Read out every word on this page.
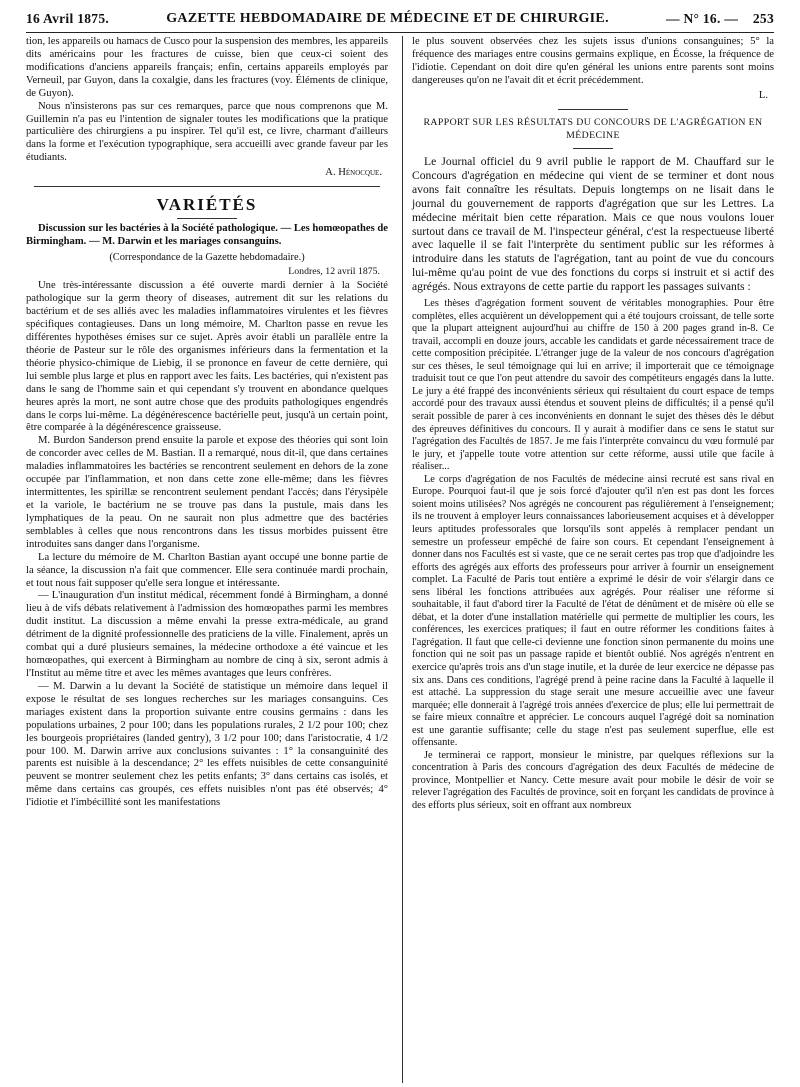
16 Avril 1875.	GAZETTE HEBDOMADAIRE DE MÉDECINE ET DE CHIRURGIE.	— N° 16. — 253

tion, les appareils ou hamacs de Cusco pour la suspension des membres, les appareils dits américains pour les fractures de cuisse, bien que ceux-ci soient des modifications d'anciens appareils français; enfin, certains appareils employés par Verneuil, par Guyon, dans la coxalgie, dans les fractures (voy. Éléments de clinique, de Guyon).

Nous n'insisterons pas sur ces remarques, parce que nous comprenons que M. Guillemin n'a pas eu l'intention de signaler toutes les modifications que la pratique particulière des chirurgiens a pu inspirer. Tel qu'il est, ce livre, charmant d'ailleurs dans la forme et l'exécution typographique, sera accueilli avec grande faveur par les étudiants.

A. Hénocque.
VARIÉTÉS

Discussion sur les bactéries à la Société pathologique. — Les homœopathes de Birmingham. — M. Darwin et les mariages consanguins.

(Correspondance de la Gazette hebdomadaire.)
Londres, 12 avril 1875.

Une très-intéressante discussion a été ouverte mardi dernier à la Société pathologique sur la germ theory of diseases, autrement dit sur les relations du bactérium et de ses alliés avec les maladies inflammatoires virulentes et les fièvres spécifiques contagieuses. Dans un long mémoire, M. Charlton passe en revue les différentes hypothèses émises sur ce sujet. Après avoir établi un parallèle entre la théorie de Pasteur sur le rôle des organismes inférieurs dans la fermentation et la théorie physico-chimique de Liebig, il se prononce en faveur de cette dernière, qui lui semble plus large et plus en rapport avec les faits. Les bactéries, qui n'existent pas dans le sang de l'homme sain et qui cependant s'y trouvent en abondance quelques heures après la mort, ne sont autre chose que des produits pathologiques engendrés dans le corps lui-même. La dégénérescence bactérielle peut, jusqu'à un certain point, être comparée à la dégénérescence graisseuse.

M. Burdon Sanderson prend ensuite la parole et expose des théories qui sont loin de concorder avec celles de M. Bastian. Il a remarqué, nous dit-il, que dans certaines maladies inflammatoires les bactéries se rencontrent seulement en dehors de la zone occupée par l'inflammation, et non dans cette zone elle-même; dans les fièvres intermittentes, les spirillæ se rencontrent seulement pendant l'accès; dans l'érysipèle et la variole, le bactérium ne se trouve pas dans la pustule, mais dans les lymphatiques de la peau. On ne saurait non plus admettre que des bactéries semblables à celles que nous rencontrons dans les tissus morbides puissent être introduites sans danger dans l'organisme.

La lecture du mémoire de M. Charlton Bastian ayant occupé une bonne partie de la séance, la discussion n'a fait que commencer. Elle sera continuée mardi prochain, et tout nous fait supposer qu'elle sera longue et intéressante.

— L'inauguration d'un institut médical, récemment fondé à Birmingham, a donné lieu à de vifs débats relativement à l'admission des homœopathes parmi les membres dudit institut. La discussion a même envahi la presse extra-médicale, au grand détriment de la dignité professionnelle des praticiens de la ville. Finalement, après un combat qui a duré plusieurs semaines, la médecine orthodoxe a été vaincue et les homœopathes, qui exercent à Birmingham au nombre de cinq à six, seront admis à l'Institut au même titre et avec les mêmes avantages que leurs confrères.

— M. Darwin a lu devant la Société de statistique un mémoire dans lequel il expose le résultat de ses longues recherches sur les mariages consanguins. Ces mariages existent dans la proportion suivante entre cousins germains : dans les populations urbaines, 2 pour 100; dans les populations rurales, 2 1/2 pour 100; chez les bourgeois propriétaires (landed gentry), 3 1/2 pour 100; dans l'aristocratie, 4 1/2 pour 100. M. Darwin arrive aux conclusions suivantes : 1° la consanguinité des parents est nuisible à la descendance; 2° les effets nuisibles de cette consanguinité peuvent se montrer seulement chez les petits enfants; 3° dans certains cas isolés, et même dans certains cas groupés, ces effets nuisibles n'ont pas été observés; 4° l'idiotie et l'imbécillité sont les manifestations

le plus souvent observées chez les sujets issus d'unions consanguines; 5° la fréquence des mariages entre cousins germains explique, en Écosse, la fréquence de l'idiotie. Cependant on doit dire qu'en général les unions entre parents sont moins dangereuses qu'on ne l'avait dit et écrit précédemment.

L.
RAPPORT SUR LES RÉSULTATS DU CONCOURS DE L'AGRÉGATION EN MÉDECINE

Le Journal officiel du 9 avril publie le rapport de M. Chauffard sur le Concours d'agrégation en médecine qui vient de se terminer et dont nous avons fait connaître les résultats. Depuis longtemps on ne lisait dans le journal du gouvernement de rapports d'agrégation que sur les Lettres. La médecine méritait bien cette réparation. Mais ce que nous voulons louer surtout dans ce travail de M. l'inspecteur général, c'est la respectueuse liberté avec laquelle il se fait l'interprète du sentiment public sur les réformes à introduire dans les statuts de l'agrégation, tant au point de vue du concours lui-même qu'au point de vue des fonctions du corps si instruit et si actif des agrégés. Nous extrayons de cette partie du rapport les passages suivants :

Les thèses d'agrégation forment souvent de véritables monographies. Pour être complètes, elles acquièrent un développement qui a été toujours croissant, de telle sorte que la plupart atteignent aujourd'hui au chiffre de 150 à 200 pages grand in-8. Ce travail, accompli en douze jours, accable les candidats et garde nécessairement trace de cette composition précipitée. L'étranger juge de la valeur de nos concours d'agrégation sur ces thèses, le seul témoignage qui lui en arrive; il importerait que ce témoignage traduisit tout ce que l'on peut attendre du savoir des compétiteurs engagés dans la lutte. Le jury a été frappé des inconvénients sérieux qui résultaient du court espace de temps accordé pour des travaux aussi étendus et souvent pleins de difficultés; il a pensé qu'il serait possible de parer à ces inconvénients en donnant le sujet des thèses dès le début des épreuves définitives du concours. Il y aurait à modifier dans ce sens le statut sur l'agrégation des Facultés de 1857. Je me fais l'interprète convaincu du vœu formulé par le jury, et j'appelle toute votre attention sur cette réforme, aussi utile que facile à réaliser...

Le corps d'agrégation de nos Facultés de médecine ainsi recruté est sans rival en Europe. Pourquoi faut-il que je sois forcé d'ajouter qu'il n'en est pas dont les forces soient moins utilisées? Nos agrégés ne concourent pas régulièrement à l'enseignement; ils ne trouvent à employer leurs connaissances laborieusement acquises et à développer leurs aptitudes professorales que lorsqu'ils sont appelés à remplacer pendant un semestre un professeur empêché de faire son cours. Et cependant l'enseignement à donner dans nos Facultés est si vaste, que ce ne serait certes pas trop que d'adjoindre les efforts des agrégés aux efforts des professeurs pour arriver à fournir un enseignement complet. La Faculté de Paris tout entière a exprimé le désir de voir s'élargir dans ce sens libéral les fonctions attribuées aux agrégés. Pour réaliser une réforme si souhaitable, il faut d'abord tirer la Faculté de l'état de dénûment et de misère où elle se débat, et la doter d'une installation matérielle qui permette de multiplier les cours, les conférences, les exercices pratiques; il faut en outre réformer les conditions faites à l'agrégation. Il faut que celle-ci devienne une fonction sinon permanente du moins une fonction qui ne soit pas un passage rapide et bientôt oublié. Nos agrégés n'entrent en exercice qu'après trois ans d'un stage inutile, et la durée de leur exercice ne dépasse pas six ans. Dans ces conditions, l'agrégé prend à peine racine dans la Faculté à laquelle il est attaché. La suppression du stage serait une mesure accueillie avec une faveur marquée; elle donnerait à l'agrégé trois années d'exercice de plus; elle lui permettrait de se faire mieux connaître et apprécier. Le concours auquel l'agrégé doit sa nomination est une garantie suffisante; celle du stage n'est pas seulement superflue, elle est offensante.

Je terminerai ce rapport, monsieur le ministre, par quelques réflexions sur la concentration à Paris des concours d'agrégation des deux Facultés de médecine de province, Montpellier et Nancy. Cette mesure avait pour mobile le désir de voir se relever l'agrégation des Facultés de province, soit en forçant les candidats de province à des efforts plus sérieux, soit en offrant aux nombreux
